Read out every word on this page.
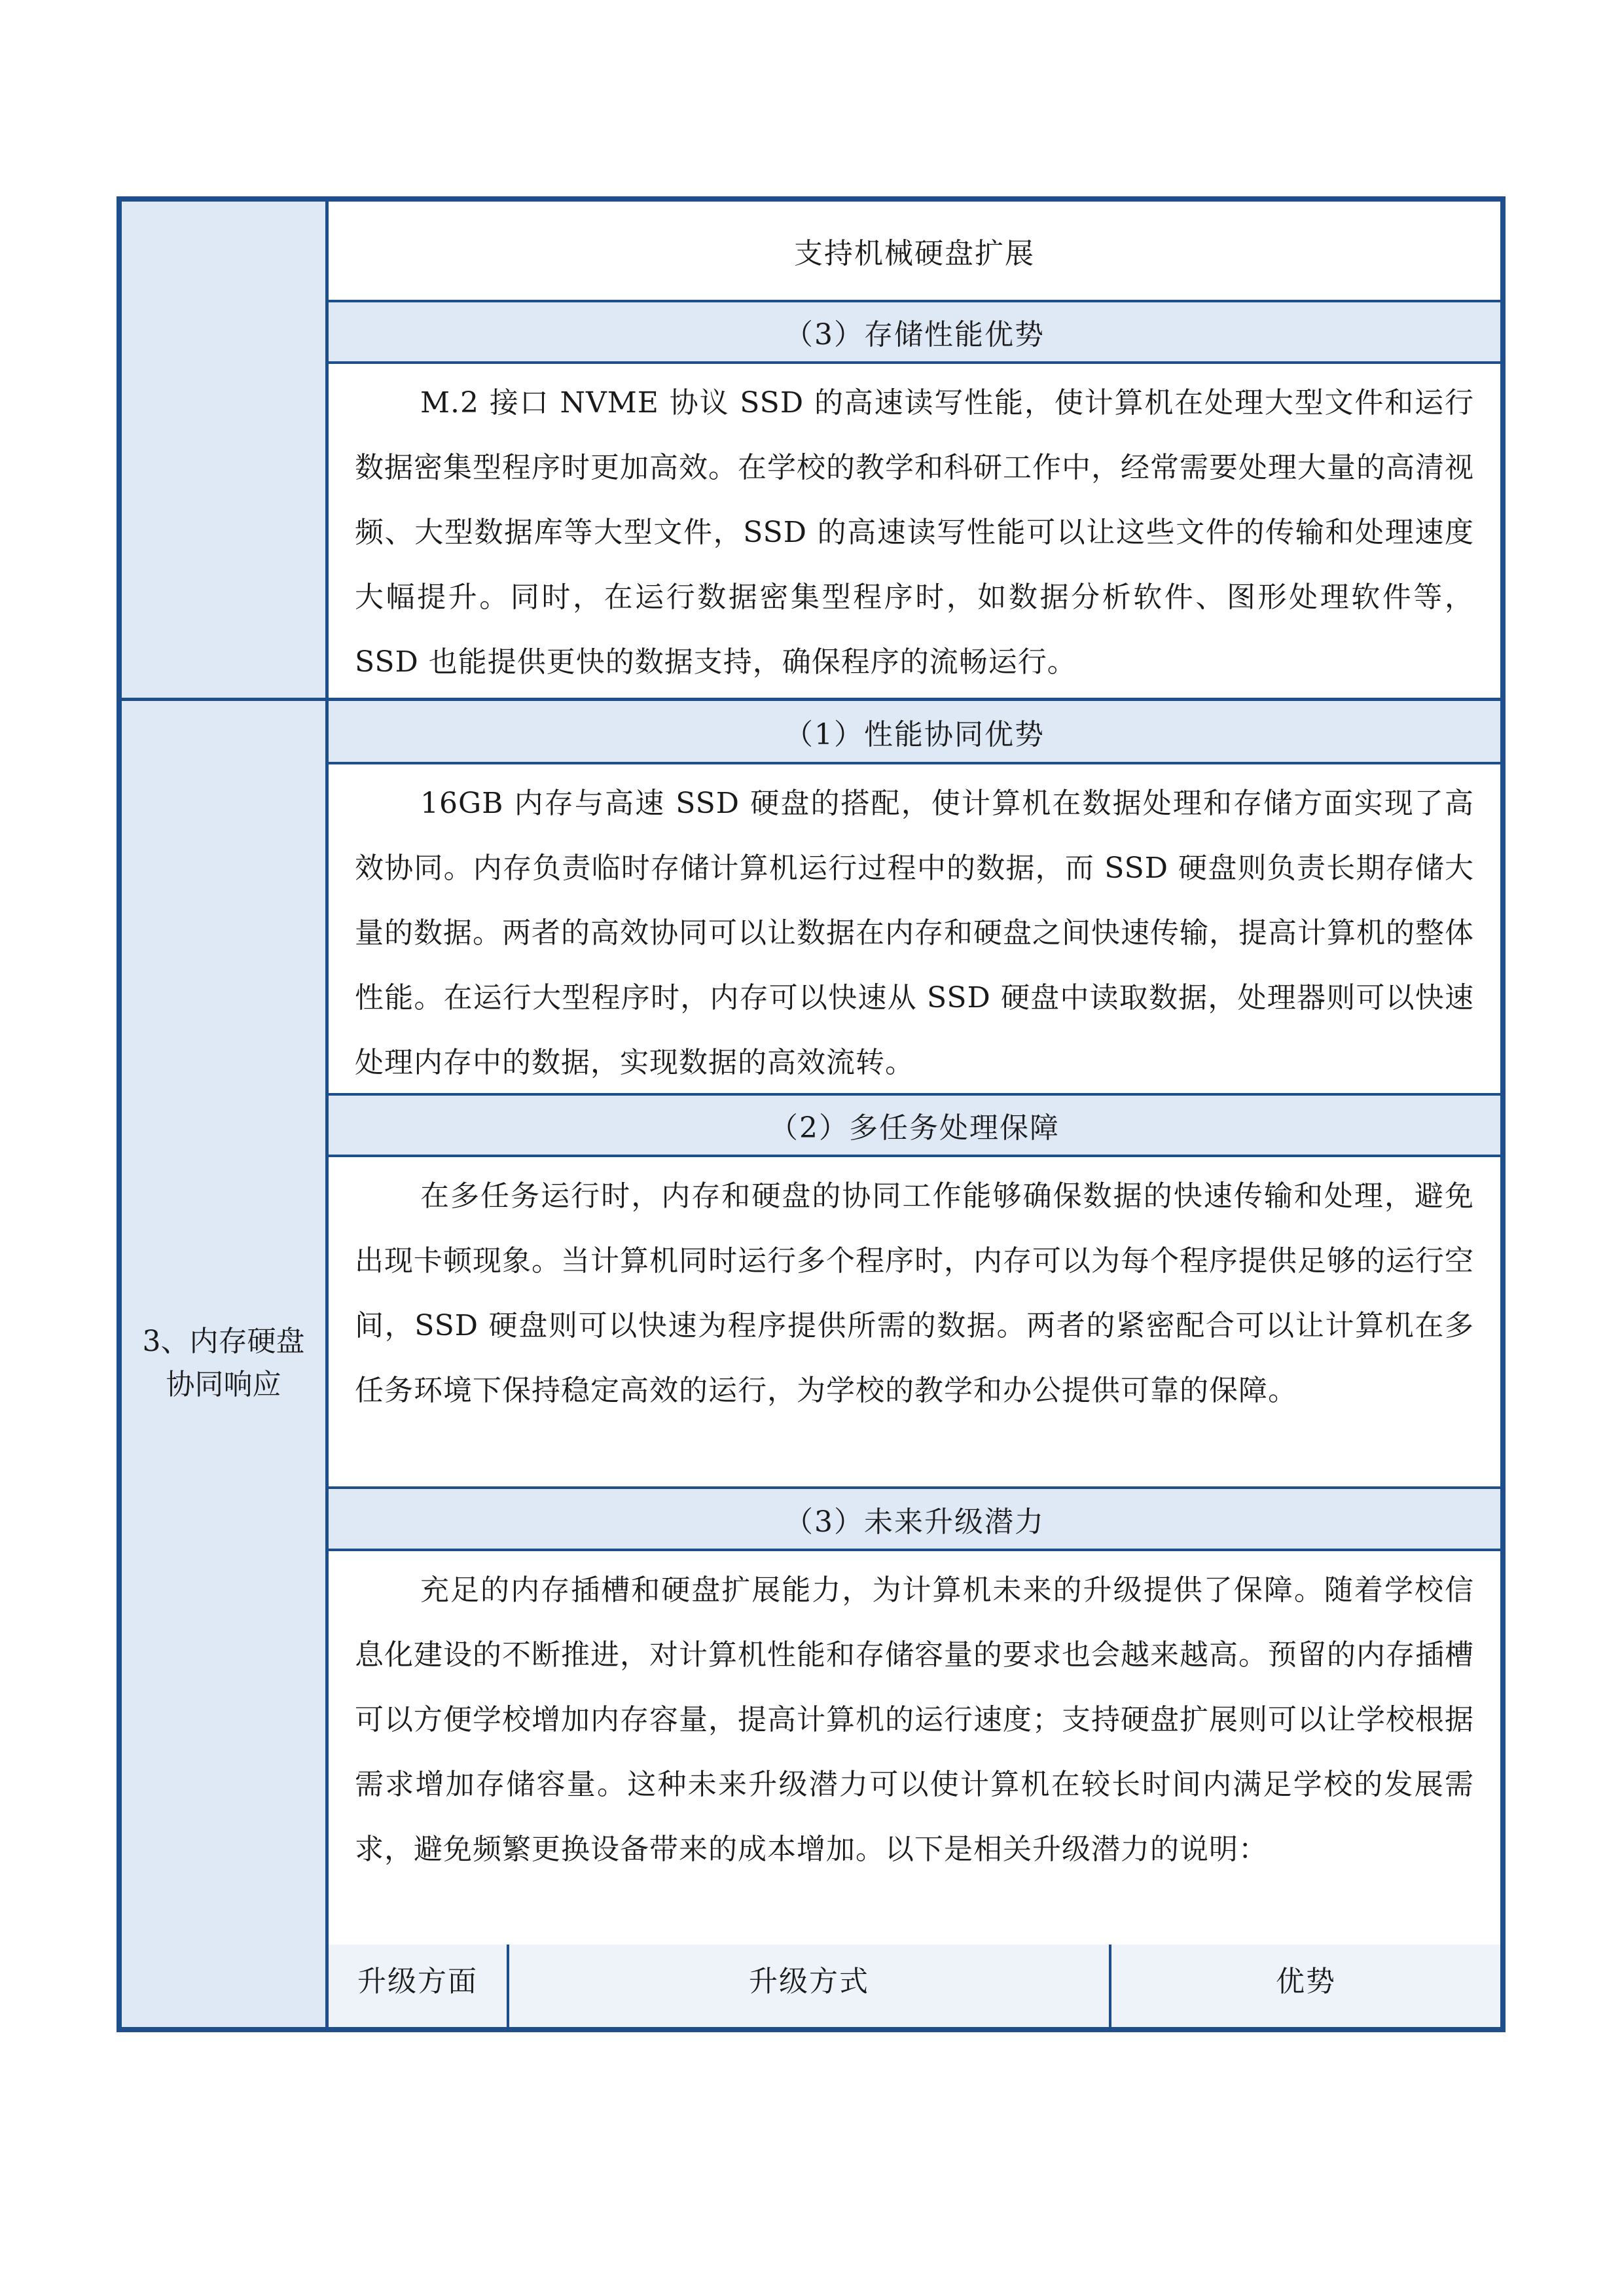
3、内存硬盘协同响应
支持机械硬盘扩展
（3）存储性能优势
M.2 接口 NVME 协议 SSD 的高速读写性能，使计算机在处理大型文件和运行数据密集型程序时更加高效。在学校的教学和科研工作中，经常需要处理大量的高清视频、大型数据库等大型文件，SSD 的高速读写性能可以让这些文件的传输和处理速度大幅提升。同时，在运行数据密集型程序时，如数据分析软件、图形处理软件等，SSD 也能提供更快的数据支持，确保程序的流畅运行。
（1）性能协同优势
16GB 内存与高速 SSD 硬盘的搭配，使计算机在数据处理和存储方面实现了高效协同。内存负责临时存储计算机运行过程中的数据，而 SSD 硬盘则负责长期存储大量的数据。两者的高效协同可以让数据在内存和硬盘之间快速传输，提高计算机的整体性能。在运行大型程序时，内存可以快速从 SSD 硬盘中读取数据，处理器则可以快速处理内存中的数据，实现数据的高效流转。
（2）多任务处理保障
在多任务运行时，内存和硬盘的协同工作能够确保数据的快速传输和处理，避免出现卡顿现象。当计算机同时运行多个程序时，内存可以为每个程序提供足够的运行空间，SSD 硬盘则可以快速为程序提供所需的数据。两者的紧密配合可以让计算机在多任务环境下保持稳定高效的运行，为学校的教学和办公提供可靠的保障。
（3）未来升级潜力
充足的内存插槽和硬盘扩展能力，为计算机未来的升级提供了保障。随着学校信息化建设的不断推进，对计算机性能和存储容量的要求也会越来越高。预留的内存插槽可以方便学校增加内存容量，提高计算机的运行速度；支持硬盘扩展则可以让学校根据需求增加存储容量。这种未来升级潜力可以使计算机在较长时间内满足学校的发展需求，避免频繁更换设备带来的成本增加。以下是相关升级潜力的说明：
升级方面	升级方式	优势
